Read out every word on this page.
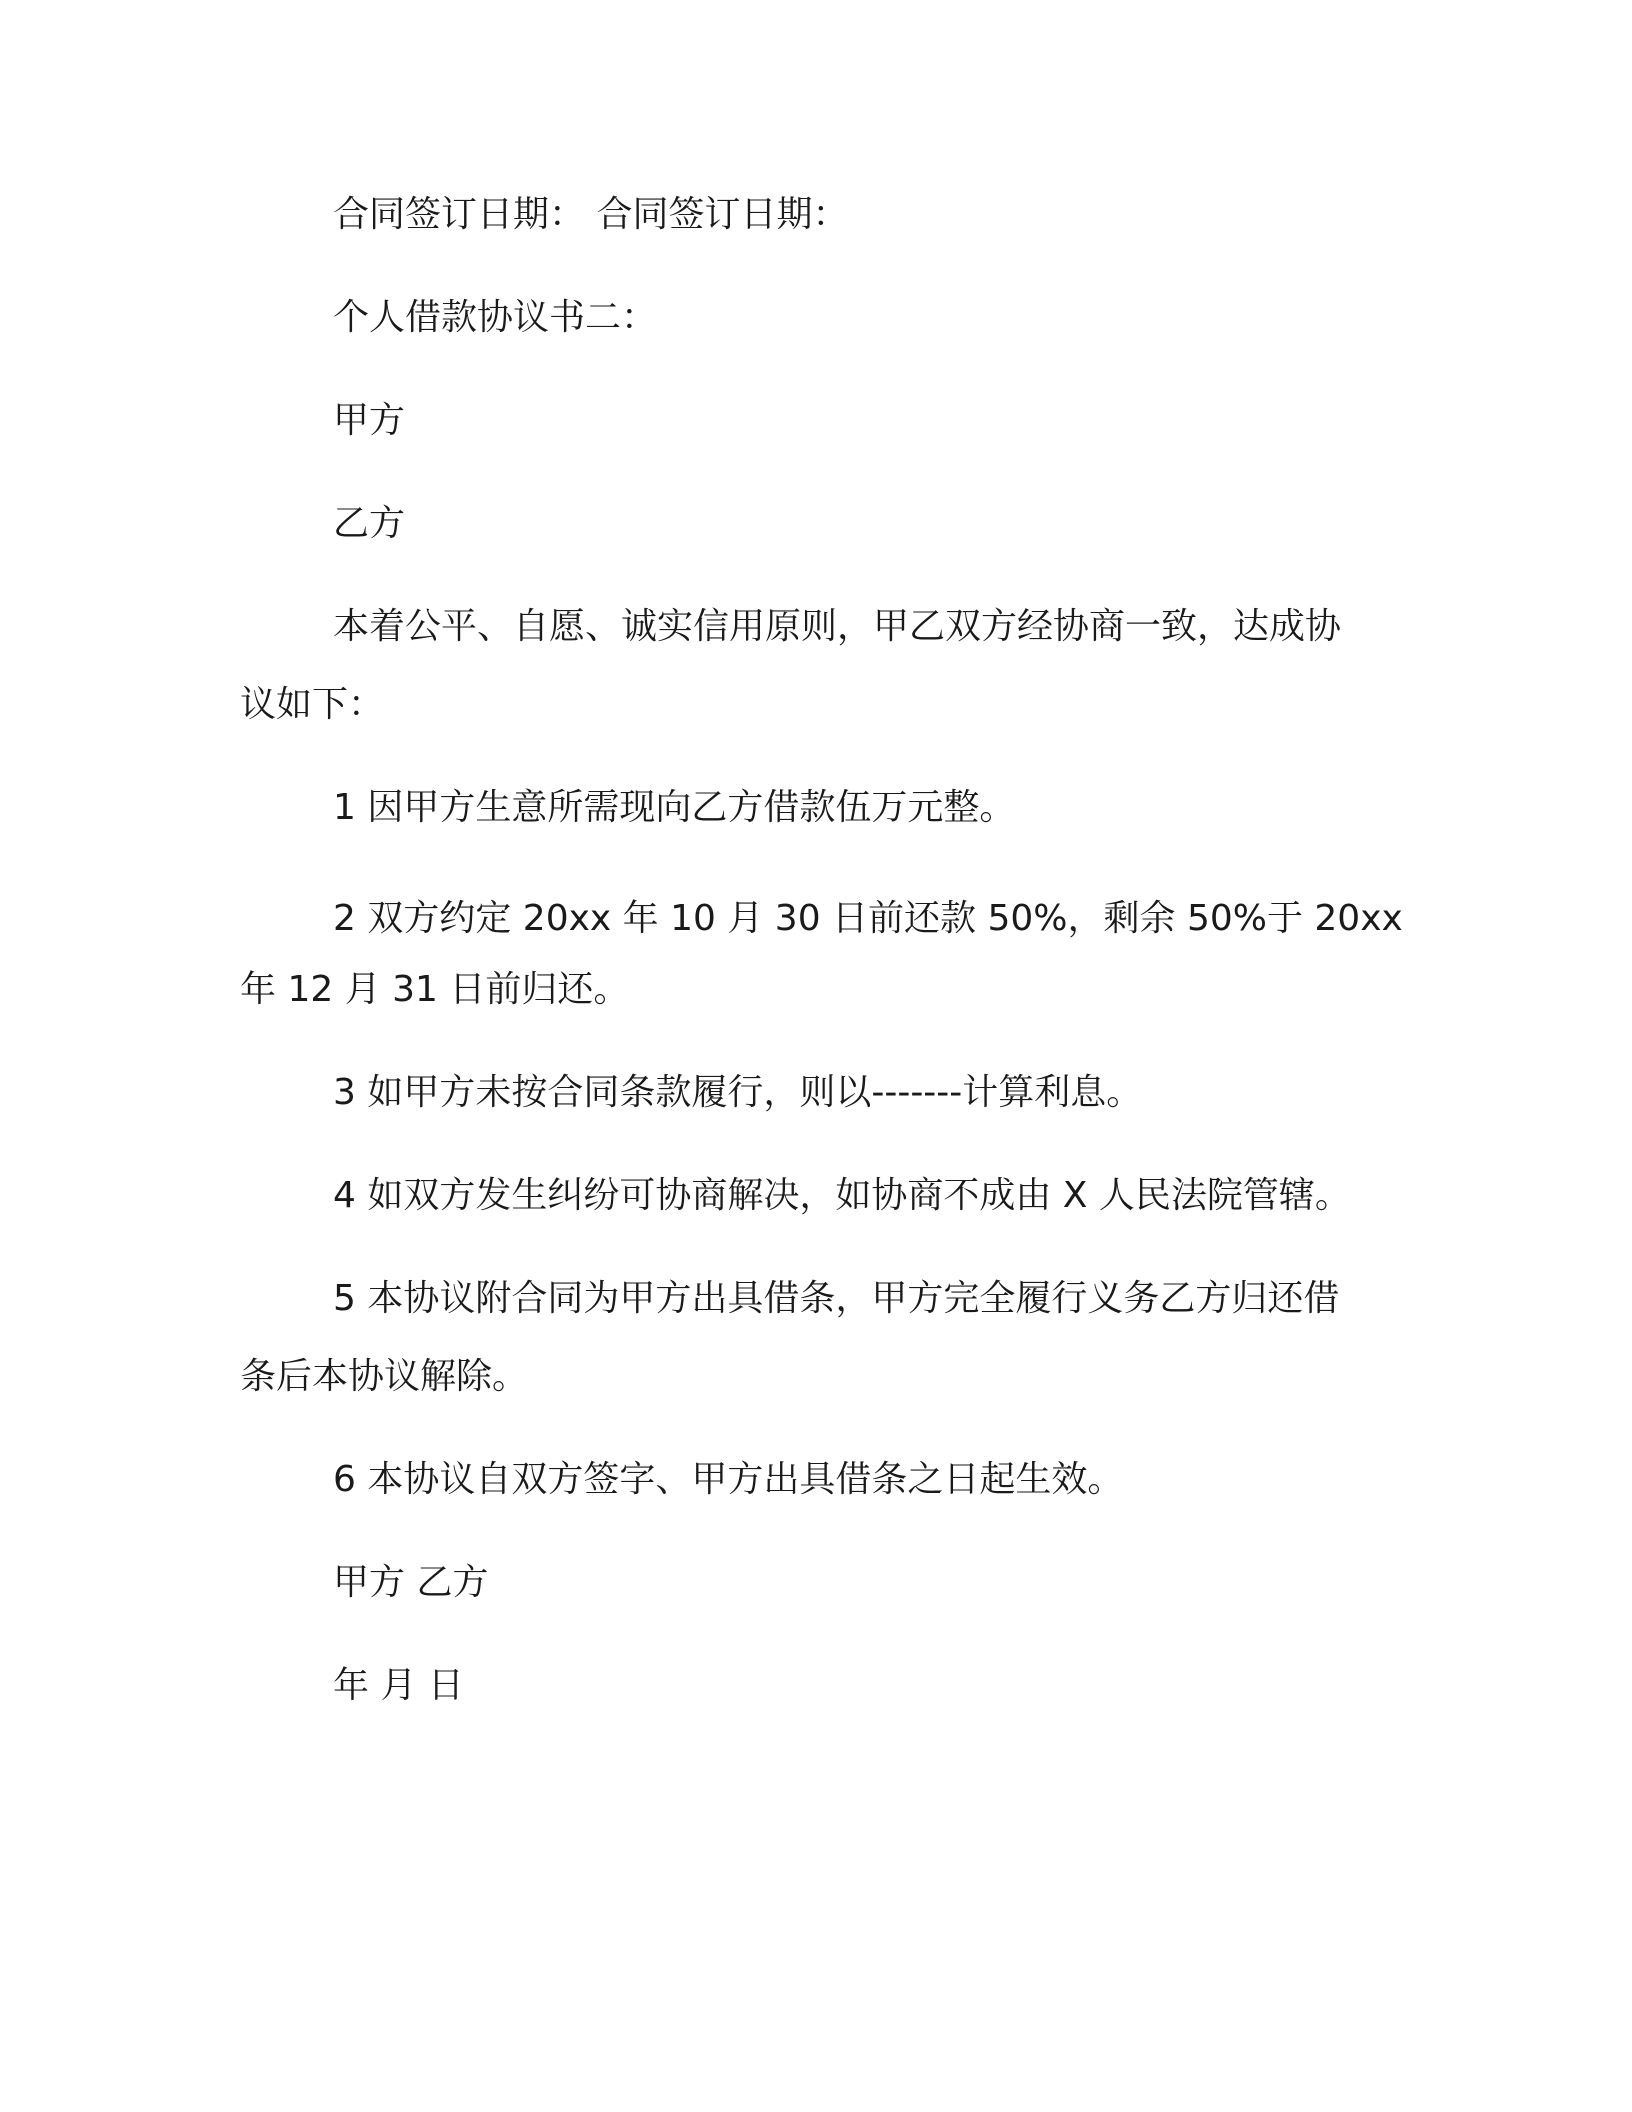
合同签订日期： 合同签订日期：

个人借款协议书二：

甲方

乙方

本着公平、自愿、诚实信用原则，甲乙双方经协商一致，达成协

议如下：

1 因甲方生意所需现向乙方借款伍万元整。

2 双方约定 20xx 年 10 月 30 日前还款 50%，剩余 50%于 20xx

年 12 月 31 日前归还。

3 如甲方未按合同条款履行，则以-------计算利息。

4 如双方发生纠纷可协商解决，如协商不成由 X 人民法院管辖。

5 本协议附合同为甲方出具借条，甲方完全履行义务乙方归还借

条后本协议解除。

6 本协议自双方签字、甲方出具借条之日起生效。

甲方 乙方

年 月 日
